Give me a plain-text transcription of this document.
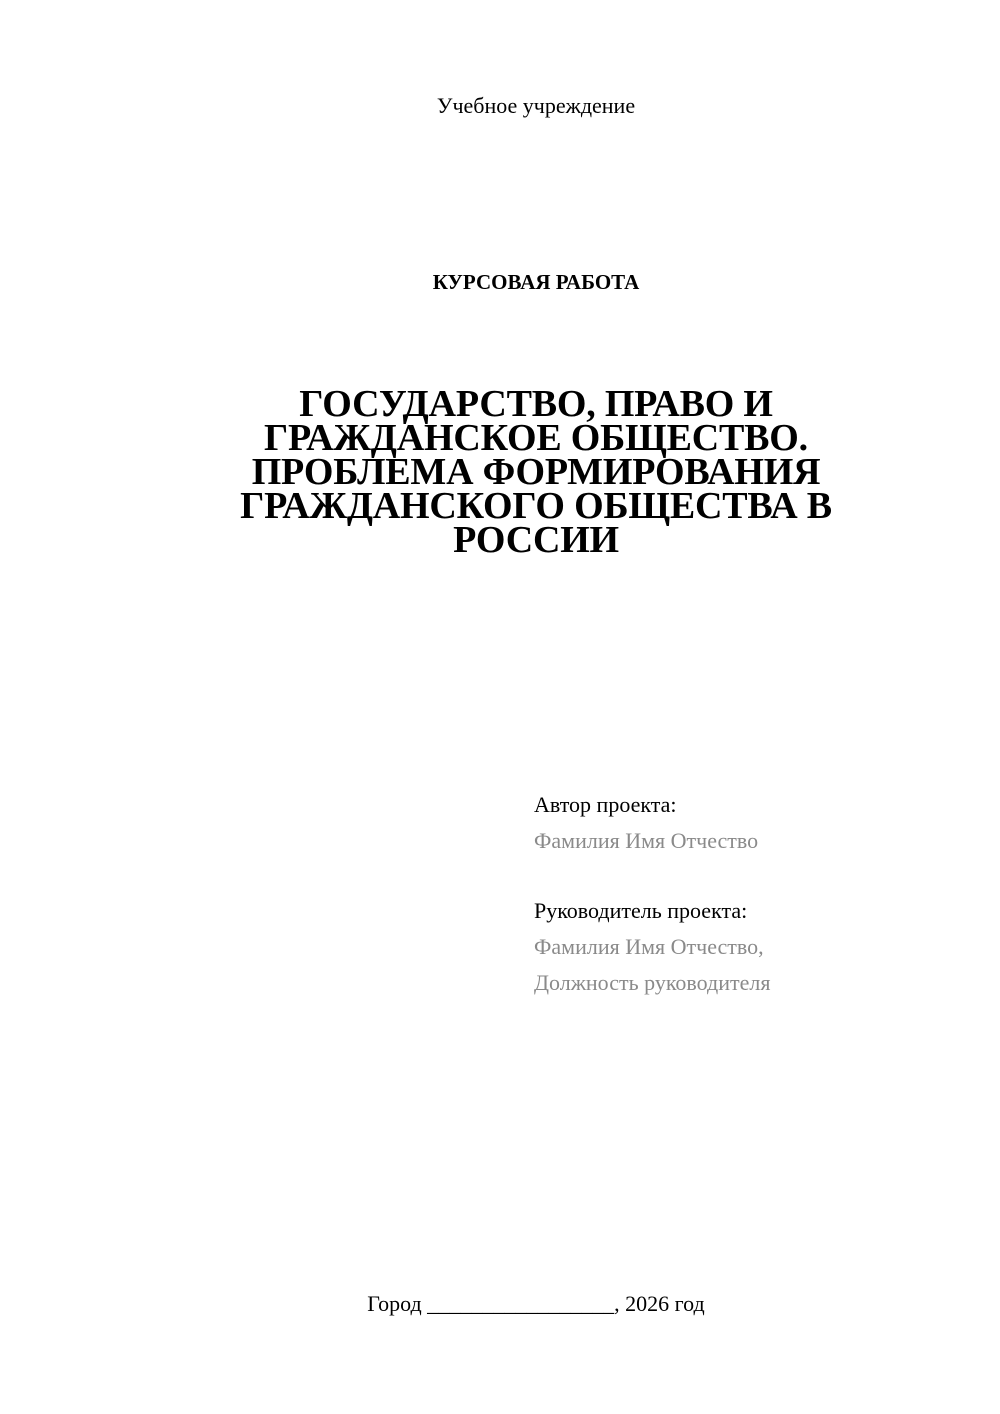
Учебное учреждение
КУРСОВАЯ РАБОТА
ГОСУДАРСТВО, ПРАВО И
ГРАЖДАНСКОЕ ОБЩЕСТВО.
ПРОБЛЕМА ФОРМИРОВАНИЯ
ГРАЖДАНСКОГО ОБЩЕСТВА В
РОССИИ
Автор проекта:
Фамилия Имя Отчество
Руководитель проекта:
Фамилия Имя Отчество,
Должность руководителя
Город _________________, 2026 год
